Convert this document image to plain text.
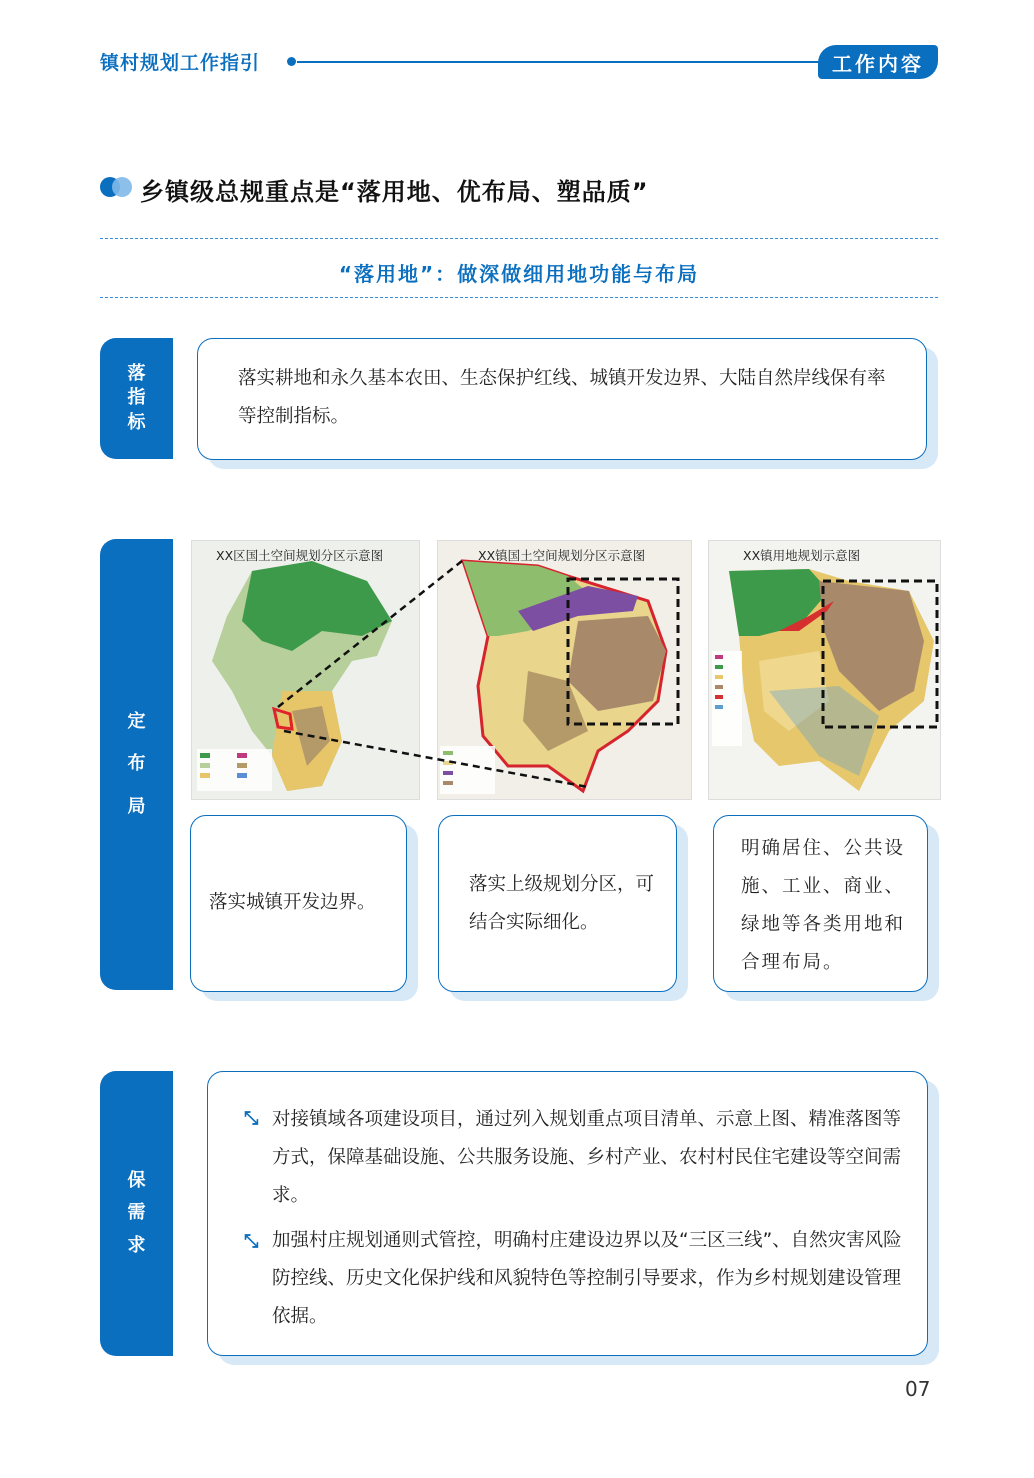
镇村规划工作指引	工作内容
乡镇级总规重点是“落用地、优布局、塑品质”
“落用地”：做深做细用地功能与布局
落
指
标
落实耕地和永久基本农田、生态保护红线、城镇开发边界、大陆自然岸线保有率等控制指标。
定
布
局
XX区国土空间规划分区示意图	XX镇国土空间规划分区示意图	XX镇用地规划示意图
落实城镇开发边界。
落实上级规划分区，可结合实际细化。
明确居住、公共设施、工业、商业、绿地等各类用地和合理布局。
保
需
求
⤡ 对接镇域各项建设项目，通过列入规划重点项目清单、示意上图、精准落图等方式，保障基础设施、公共服务设施、乡村产业、农村村民住宅建设等空间需求。
⤡ 加强村庄规划通则式管控，明确村庄建设边界以及“三区三线”、自然灾害风险防控线、历史文化保护线和风貌特色等控制引导要求，作为乡村规划建设管理依据。
07
